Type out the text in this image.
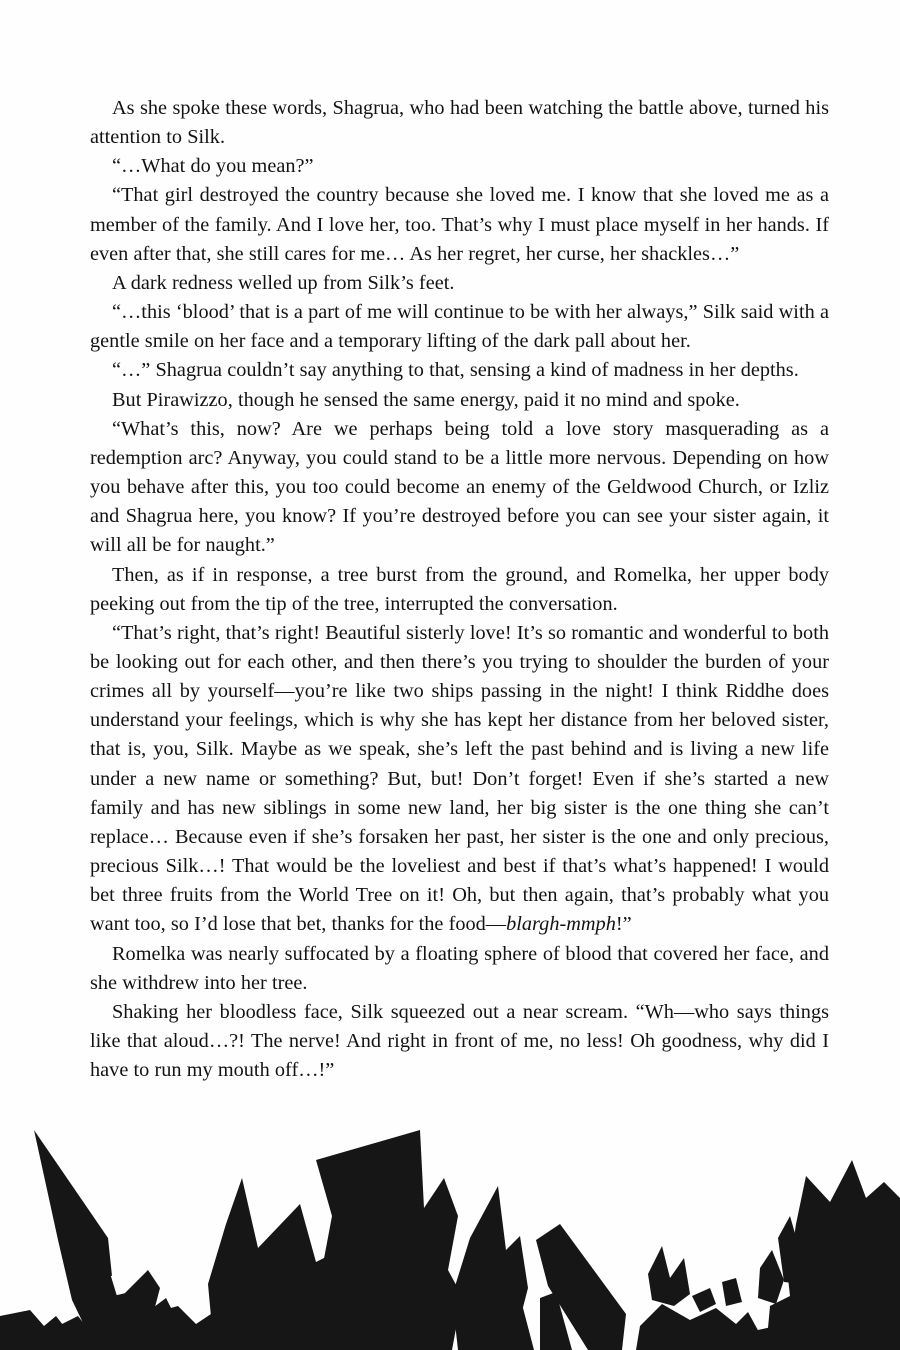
As she spoke these words, Shagrua, who had been watching the battle above, turned his attention to Silk.

“…What do you mean?”

“That girl destroyed the country because she loved me. I know that she loved me as a member of the family. And I love her, too. That’s why I must place myself in her hands. If even after that, she still cares for me… As her regret, her curse, her shackles…”

A dark redness welled up from Silk’s feet.

“…this ‘blood’ that is a part of me will continue to be with her always,” Silk said with a gentle smile on her face and a temporary lifting of the dark pall about her.

“…” Shagrua couldn’t say anything to that, sensing a kind of madness in her depths.

But Pirawizzo, though he sensed the same energy, paid it no mind and spoke.

“What’s this, now? Are we perhaps being told a love story masquerading as a redemption arc? Anyway, you could stand to be a little more nervous. Depending on how you behave after this, you too could become an enemy of the Geldwood Church, or Izliz and Shagrua here, you know? If you’re destroyed before you can see your sister again, it will all be for naught.”

Then, as if in response, a tree burst from the ground, and Romelka, her upper body peeking out from the tip of the tree, interrupted the conversation.

“That’s right, that’s right! Beautiful sisterly love! It’s so romantic and wonderful to both be looking out for each other, and then there’s you trying to shoulder the burden of your crimes all by yourself—you’re like two ships passing in the night! I think Riddhe does understand your feelings, which is why she has kept her distance from her beloved sister, that is, you, Silk. Maybe as we speak, she’s left the past behind and is living a new life under a new name or something? But, but! Don’t forget! Even if she’s started a new family and has new siblings in some new land, her big sister is the one thing she can’t replace… Because even if she’s forsaken her past, her sister is the one and only precious, precious Silk…! That would be the loveliest and best if that’s what’s happened! I would bet three fruits from the World Tree on it! Oh, but then again, that’s probably what you want too, so I’d lose that bet, thanks for the food—blargh-mmph!”

Romelka was nearly suffocated by a floating sphere of blood that covered her face, and she withdrew into her tree.

Shaking her bloodless face, Silk squeezed out a near scream. “Wh—who says things like that aloud…?! The nerve! And right in front of me, no less! Oh goodness, why did I have to run my mouth off…!”
